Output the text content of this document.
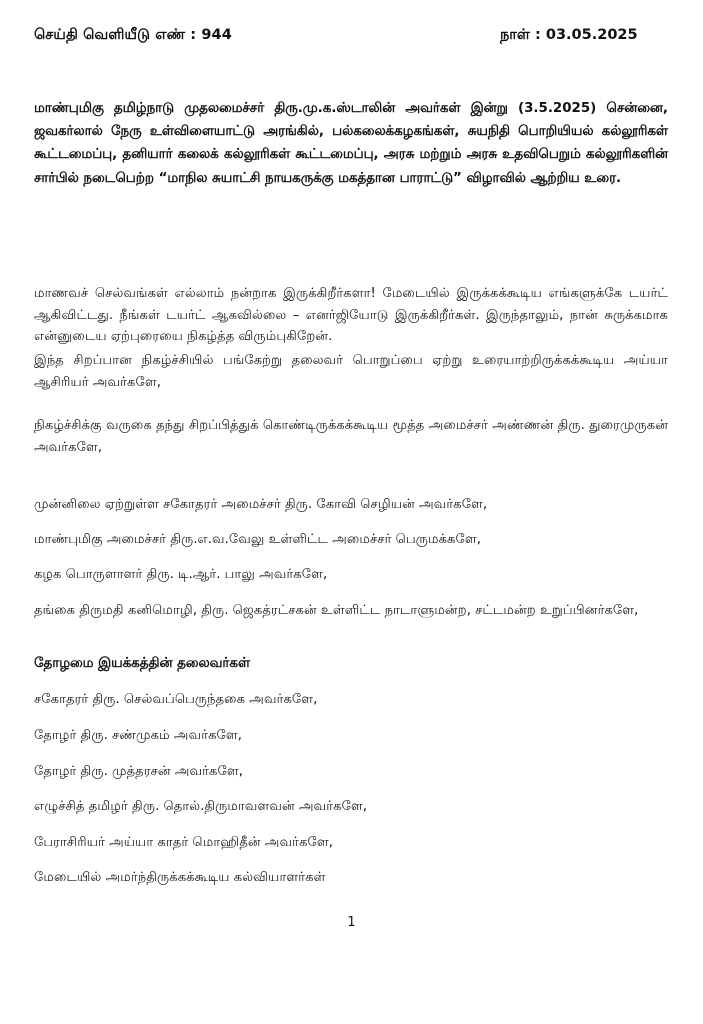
செய்தி வெளியீடு எண் : 944	நாள் : 03.05.2025
மாண்புமிகு தமிழ்நாடு முதலமைச்சர் திரு.மு.க.ஸ்டாலின் அவர்கள் இன்று (3.5.2025) சென்னை, ஜவகர்லால் நேரு உள்விளையாட்டு அரங்கில், பல்கலைக்கழகங்கள், சுயநிதி பொறியியல் கல்லூரிகள் கூட்டமைப்பு, தனியார் கலைக் கல்லூரிகள் கூட்டமைப்பு, அரசு மற்றும் அரசு உதவிபெறும் கல்லூரிகளின் சார்பில் நடைபெற்ற “மாநில சுயாட்சி நாயகருக்கு மகத்தான பாராட்டு” விழாவில் ஆற்றிய உரை.
மாணவச் செல்வங்கள் எல்லாம் நன்றாக இருக்கிறீர்களா! மேடையில் இருக்கக்கூடிய எங்களுக்கே டயர்ட் ஆகிவிட்டது. நீங்கள் டயர்ட் ஆகவில்லை – எனர்ஜியோடு இருக்கிறீர்கள். இருந்தாலும், நான் சுருக்கமாக என்னுடைய ஏற்புரையை நிகழ்த்த விரும்புகிறேன்.
இந்த சிறப்பான நிகழ்ச்சியில் பங்கேற்று தலைவர் பொறுப்பை ஏற்று உரையாற்றிருக்கக்கூடிய அய்யா ஆசிரியர் அவர்களே,
நிகழ்ச்சிக்கு வருகை தந்து சிறப்பித்துக் கொண்டிருக்கக்கூடிய மூத்த அமைச்சர் அண்ணன் திரு. துரைமுருகன் அவர்களே,
முன்னிலை ஏற்றுள்ள சகோதரர் அமைச்சர் திரு. கோவி செழியன் அவர்களே,
மாண்புமிகு அமைச்சர் திரு.எ.வ.வேலு உள்ளிட்ட அமைச்சர் பெருமக்களே,
கழக பொருளாளர் திரு. டி.ஆர். பாலு அவர்களே,
தங்கை திருமதி கனிமொழி, திரு. ஜெகத்ரட்சகன் உள்ளிட்ட நாடாளுமன்ற, சட்டமன்ற உறுப்பினர்களே,
தோழமை இயக்கத்தின் தலைவர்கள்
சகோதரர் திரு. செல்வப்பெருந்தகை அவர்களே,
தோழர் திரு. சண்முகம் அவர்களே,
தோழர் திரு. முத்தரசன் அவர்களே,
எழுச்சித் தமிழர் திரு. தொல்.திருமாவளவன் அவர்களே,
பேராசிரியர் அய்யா காதர் மொஹிதீன் அவர்களே,
மேடையில் அமர்ந்திருக்கக்கூடிய கல்வியாளர்கள்
1
